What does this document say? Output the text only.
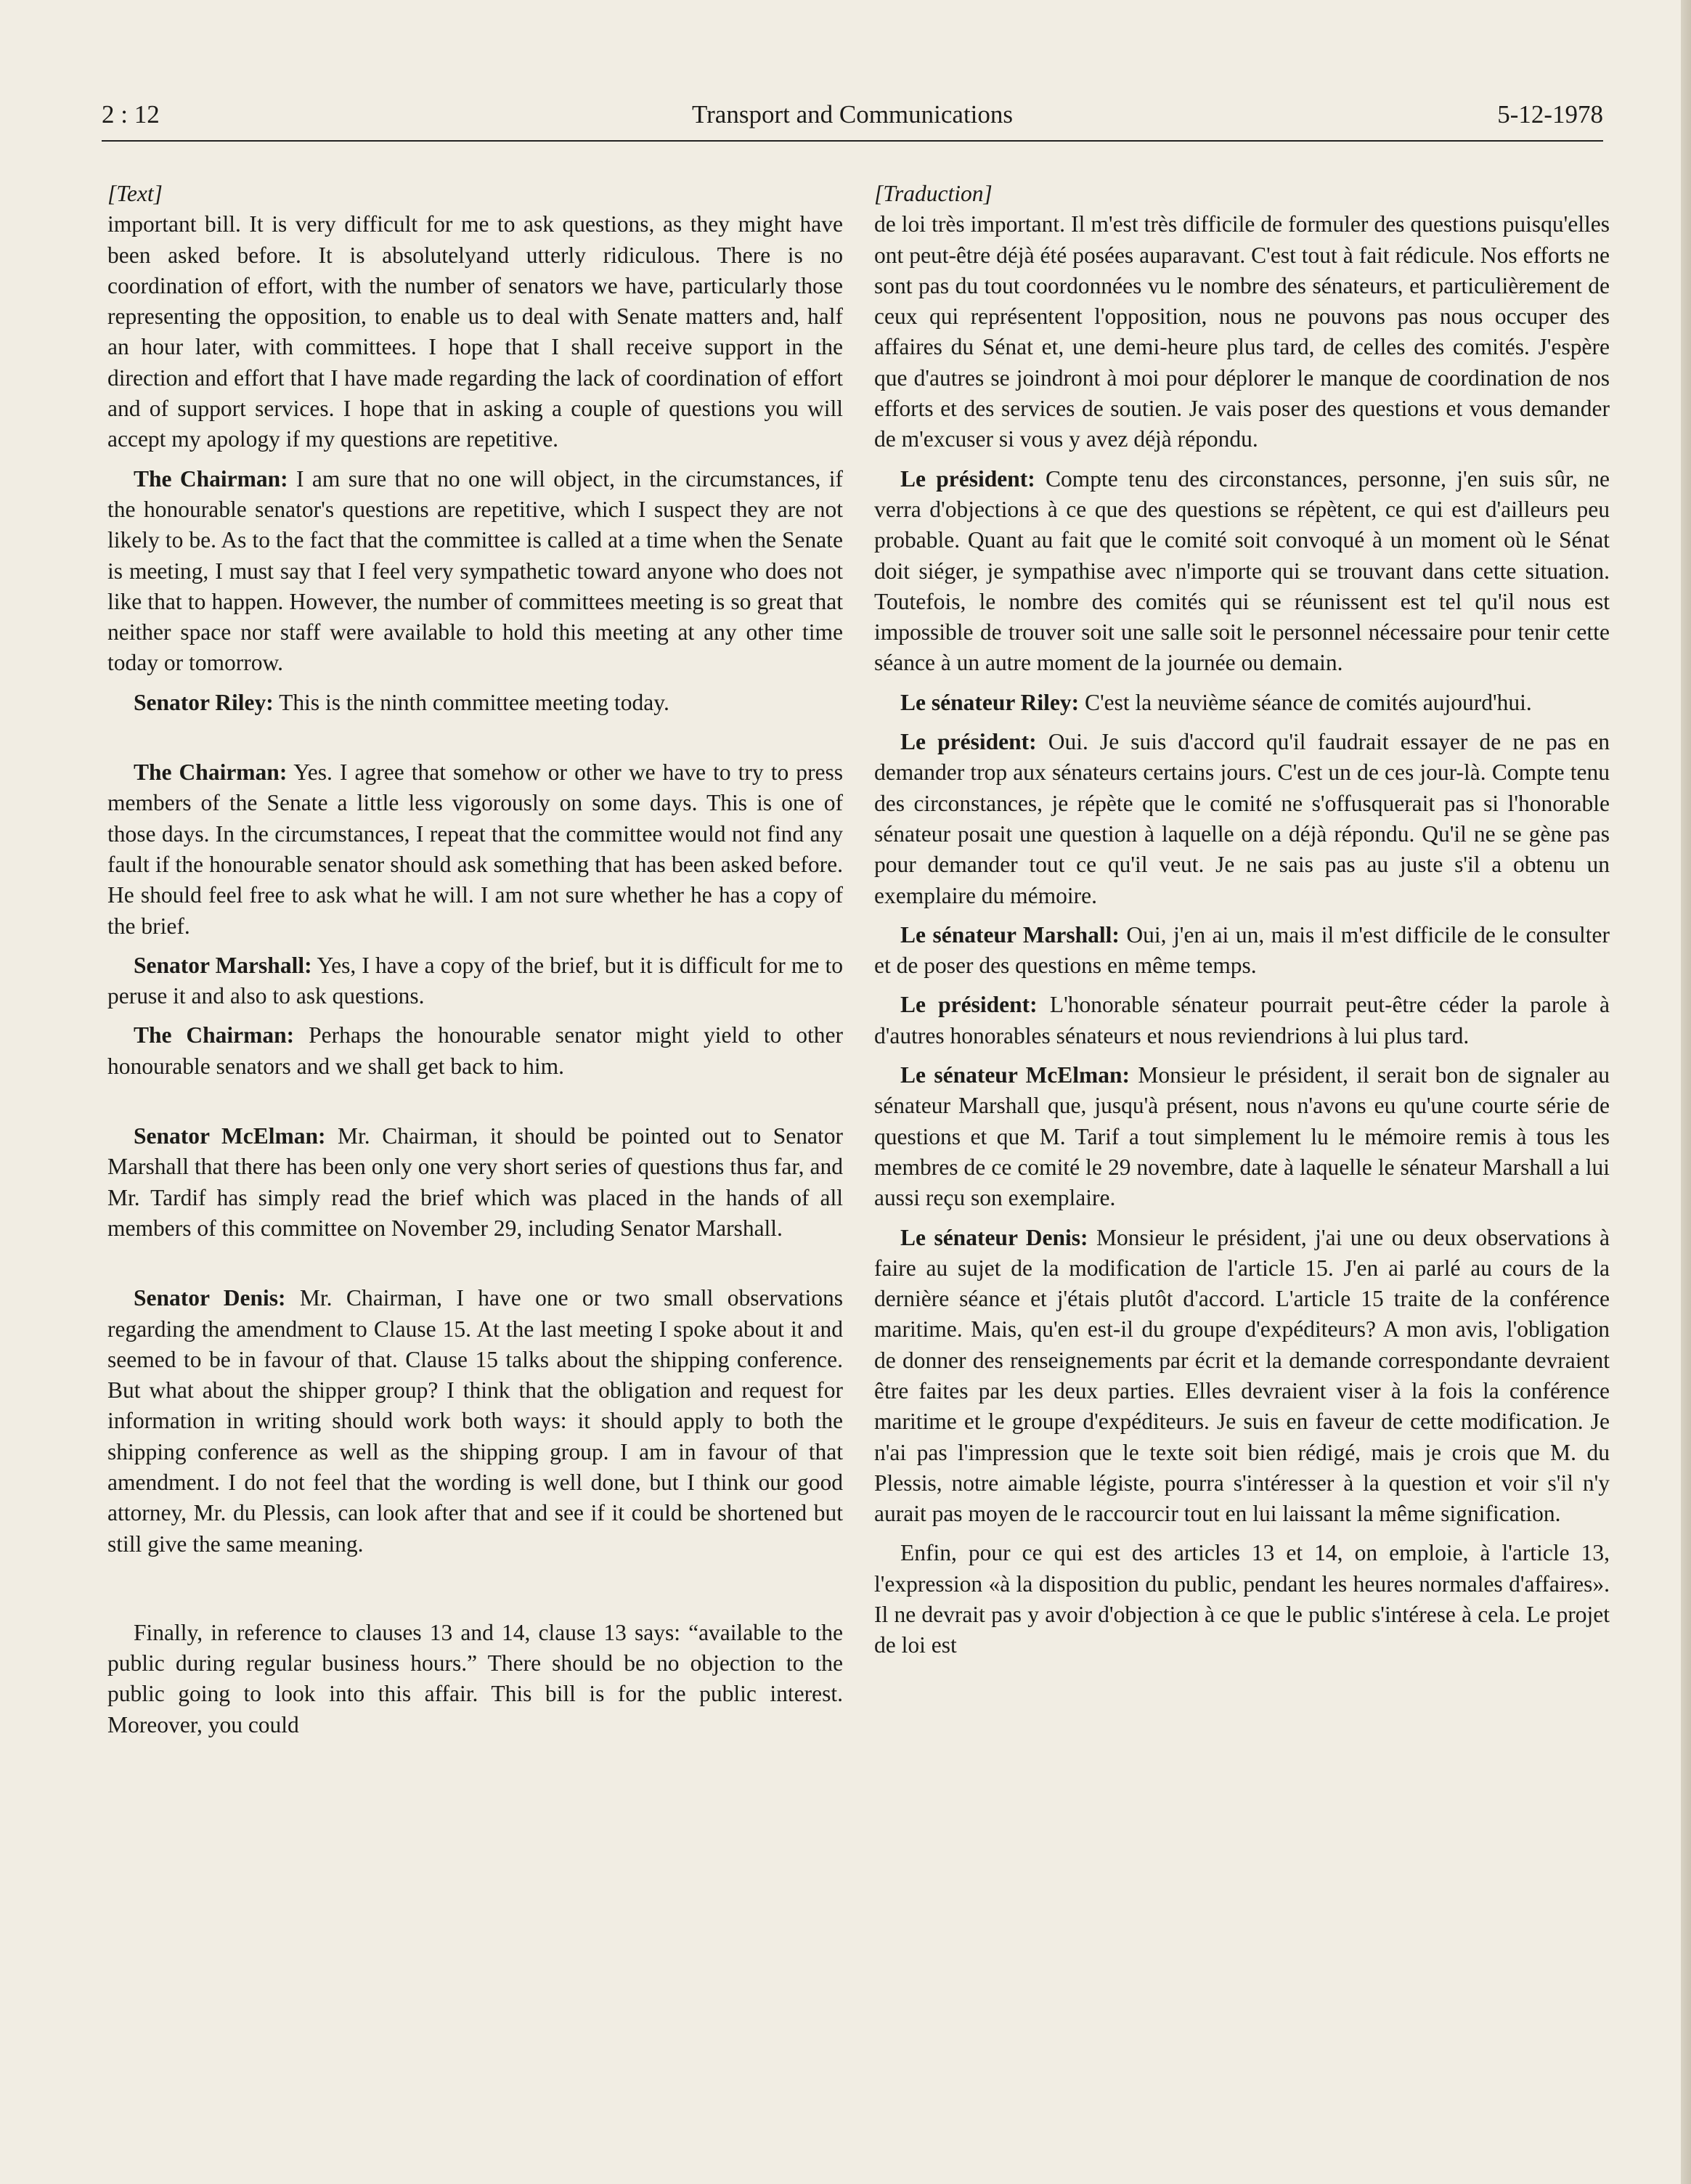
2 : 12	Transport and Communications	5-12-1978
[Text]

important bill. It is very difficult for me to ask questions, as they might have been asked before. It is absolutelyand utterly ridiculous. There is no coordination of effort, with the number of senators we have, particularly those representing the opposition, to enable us to deal with Senate matters and, half an hour later, with committees. I hope that I shall receive support in the direction and effort that I have made regarding the lack of coordination of effort and of support services. I hope that in asking a couple of questions you will accept my apology if my questions are repetitive.

The Chairman: I am sure that no one will object, in the circumstances, if the honourable senator's questions are repetitive, which I suspect they are not likely to be. As to the fact that the committee is called at a time when the Senate is meeting, I must say that I feel very sympathetic toward anyone who does not like that to happen. However, the number of committees meeting is so great that neither space nor staff were available to hold this meeting at any other time today or tomorrow.

Senator Riley: This is the ninth committee meeting today.

The Chairman: Yes. I agree that somehow or other we have to try to press members of the Senate a little less vigorously on some days. This is one of those days. In the circumstances, I repeat that the committee would not find any fault if the honourable senator should ask something that has been asked before. He should feel free to ask what he will. I am not sure whether he has a copy of the brief.

Senator Marshall: Yes, I have a copy of the brief, but it is difficult for me to peruse it and also to ask questions.

The Chairman: Perhaps the honourable senator might yield to other honourable senators and we shall get back to him.

Senator McElman: Mr. Chairman, it should be pointed out to Senator Marshall that there has been only one very short series of questions thus far, and Mr. Tardif has simply read the brief which was placed in the hands of all members of this committee on November 29, including Senator Marshall.

Senator Denis: Mr. Chairman, I have one or two small observations regarding the amendment to Clause 15. At the last meeting I spoke about it and seemed to be in favour of that. Clause 15 talks about the shipping conference. But what about the shipper group? I think that the obligation and request for information in writing should work both ways: it should apply to both the shipping conference as well as the shipping group. I am in favour of that amendment. I do not feel that the wording is well done, but I think our good attorney, Mr. du Plessis, can look after that and see if it could be shortened but still give the same meaning.

Finally, in reference to clauses 13 and 14, clause 13 says: “available to the public during regular business hours.” There should be no objection to the public going to look into this affair. This bill is for the public interest. Moreover, you could

[Traduction]

de loi très important. Il m'est très difficile de formuler des questions puisqu'elles ont peut-être déjà été posées auparavant. C'est tout à fait rédicule. Nos efforts ne sont pas du tout coordonnées vu le nombre des sénateurs, et particulièrement de ceux qui représentent l'opposition, nous ne pouvons pas nous occuper des affaires du Sénat et, une demi-heure plus tard, de celles des comités. J'espère que d'autres se joindront à moi pour déplorer le manque de coordination de nos efforts et des services de soutien. Je vais poser des questions et vous demander de m'excuser si vous y avez déjà répondu.

Le président: Compte tenu des circonstances, personne, j'en suis sûr, ne verra d'objections à ce que des questions se répètent, ce qui est d'ailleurs peu probable. Quant au fait que le comité soit convoqué à un moment où le Sénat doit siéger, je sympathise avec n'importe qui se trouvant dans cette situation. Toutefois, le nombre des comités qui se réunissent est tel qu'il nous est impossible de trouver soit une salle soit le personnel nécessaire pour tenir cette séance à un autre moment de la journée ou demain.

Le sénateur Riley: C'est la neuvième séance de comités aujourd'hui.

Le président: Oui. Je suis d'accord qu'il faudrait essayer de ne pas en demander trop aux sénateurs certains jours. C'est un de ces jour-là. Compte tenu des circonstances, je répète que le comité ne s'offusquerait pas si l'honorable sénateur posait une question à laquelle on a déjà répondu. Qu'il ne se gène pas pour demander tout ce qu'il veut. Je ne sais pas au juste s'il a obtenu un exemplaire du mémoire.

Le sénateur Marshall: Oui, j'en ai un, mais il m'est difficile de le consulter et de poser des questions en même temps.

Le président: L'honorable sénateur pourrait peut-être céder la parole à d'autres honorables sénateurs et nous reviendrions à lui plus tard.

Le sénateur McElman: Monsieur le président, il serait bon de signaler au sénateur Marshall que, jusqu'à présent, nous n'avons eu qu'une courte série de questions et que M. Tarif a tout simplement lu le mémoire remis à tous les membres de ce comité le 29 novembre, date à laquelle le sénateur Marshall a lui aussi reçu son exemplaire.

Le sénateur Denis: Monsieur le président, j'ai une ou deux observations à faire au sujet de la modification de l'article 15. J'en ai parlé au cours de la dernière séance et j'étais plutôt d'accord. L'article 15 traite de la conférence maritime. Mais, qu'en est-il du groupe d'expéditeurs? A mon avis, l'obligation de donner des renseignements par écrit et la demande correspondante devraient être faites par les deux parties. Elles devraient viser à la fois la conférence maritime et le groupe d'expéditeurs. Je suis en faveur de cette modification. Je n'ai pas l'impression que le texte soit bien rédigé, mais je crois que M. du Plessis, notre aimable légiste, pourra s'intéresser à la question et voir s'il n'y aurait pas moyen de le raccourcir tout en lui laissant la même signification.

Enfin, pour ce qui est des articles 13 et 14, on emploie, à l'article 13, l'expression «à la disposition du public, pendant les heures normales d'affaires». Il ne devrait pas y avoir d'objection à ce que le public s'intérese à cela. Le projet de loi est
